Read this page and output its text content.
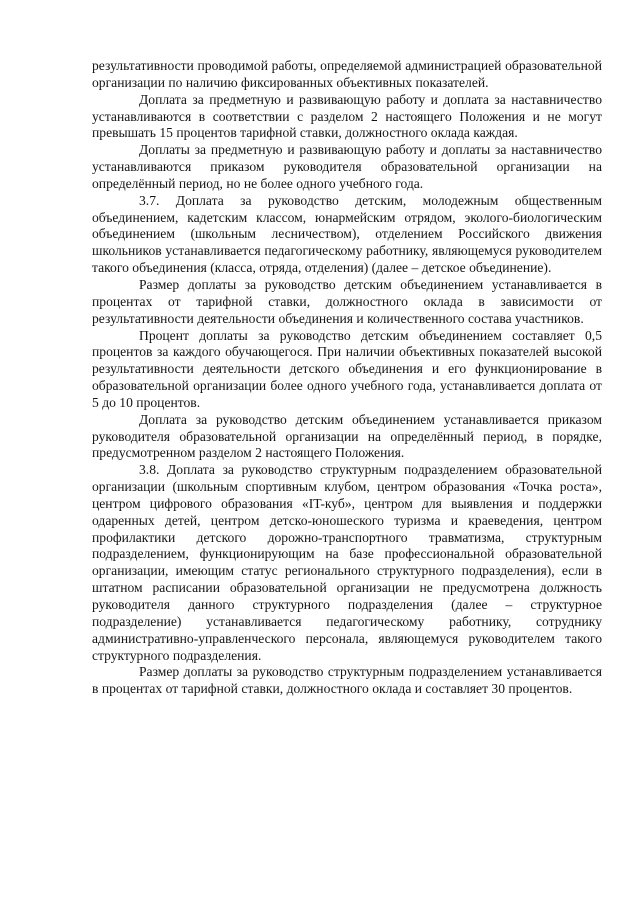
результативности проводимой работы, определяемой администрацией образовательной организации по наличию фиксированных объективных показателей.

Доплата за предметную и развивающую работу и доплата за наставничество устанавливаются в соответствии с разделом 2 настоящего Положения и не могут превышать 15 процентов тарифной ставки, должностного оклада каждая.

Доплаты за предметную и развивающую работу и доплаты за наставничество устанавливаются приказом руководителя образовательной организации на определённый период, но не более одного учебного года.

3.7. Доплата за руководство детским, молодежным общественным объединением, кадетским классом, юнармейским отрядом, эколого-биологическим объединением (школьным лесничеством), отделением Российского движения школьников устанавливается педагогическому работнику, являющемуся руководителем такого объединения (класса, отряда, отделения) (далее – детское объединение).

Размер доплаты за руководство детским объединением устанавливается в процентах от тарифной ставки, должностного оклада в зависимости от результативности деятельности объединения и количественного состава участников.

Процент доплаты за руководство детским объединением составляет 0,5 процентов за каждого обучающегося. При наличии объективных показателей высокой результативности деятельности детского объединения и его функционирование в образовательной организации более одного учебного года, устанавливается доплата от 5 до 10 процентов.

Доплата за руководство детским объединением устанавливается приказом руководителя образовательной организации на определённый период, в порядке, предусмотренном разделом 2 настоящего Положения.

3.8. Доплата за руководство структурным подразделением образовательной организации (школьным спортивным клубом, центром образования «Точка роста», центром цифрового образования «IT-куб», центром для выявления и поддержки одаренных детей, центром детско-юношеского туризма и краеведения, центром профилактики детского дорожно-транспортного травматизма, структурным подразделением, функционирующим на базе профессиональной образовательной организации, имеющим статус регионального структурного подразделения), если в штатном расписании образовательной организации не предусмотрена должность руководителя данного структурного подразделения (далее – структурное подразделение) устанавливается педагогическому работнику, сотруднику административно-управленческого персонала, являющемуся руководителем такого структурного подразделения.

Размер доплаты за руководство структурным подразделением устанавливается в процентах от тарифной ставки, должностного оклада и составляет 30 процентов.
